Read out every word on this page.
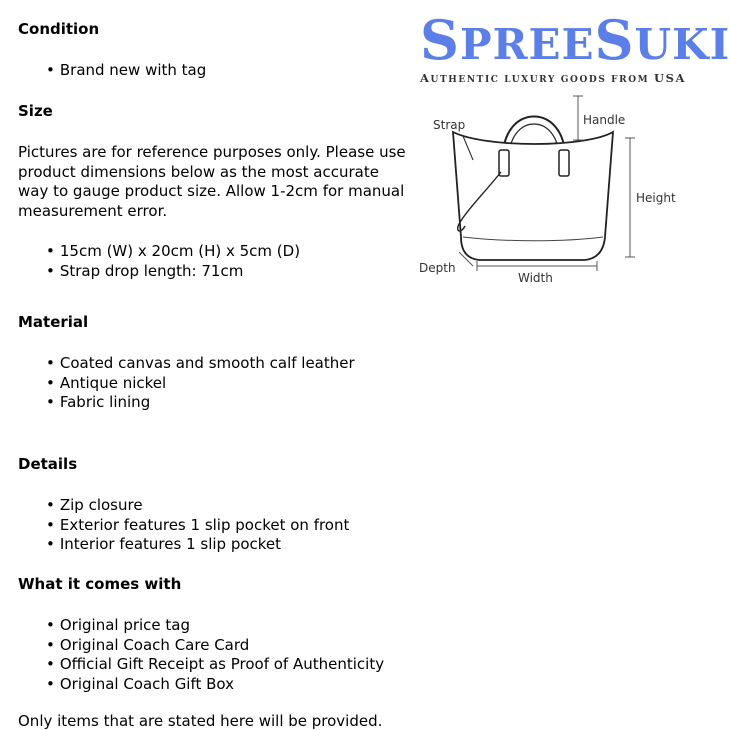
Condition
• Brand new with tag
Size

Pictures are for reference purposes only. Please use product dimensions below as the most accurate way to gauge product size. Allow 1-2cm for manual measurement error.

• 15cm (W) x 20cm (H) x 5cm (D)
• Strap drop length: 71cm
Material
• Coated canvas and smooth calf leather
• Antique nickel
• Fabric lining
Details
• Zip closure
• Exterior features 1 slip pocket on front
• Interior features 1 slip pocket
What it comes with
• Original price tag
• Original Coach Care Card
• Official Gift Receipt as Proof of Authenticity
• Original Coach Gift Box

Only items that are stated here will be provided.

SPREESUKI
AUTHENTIC LUXURY GOODS FROM USA
Strap	Handle
Height
Width
Depth
